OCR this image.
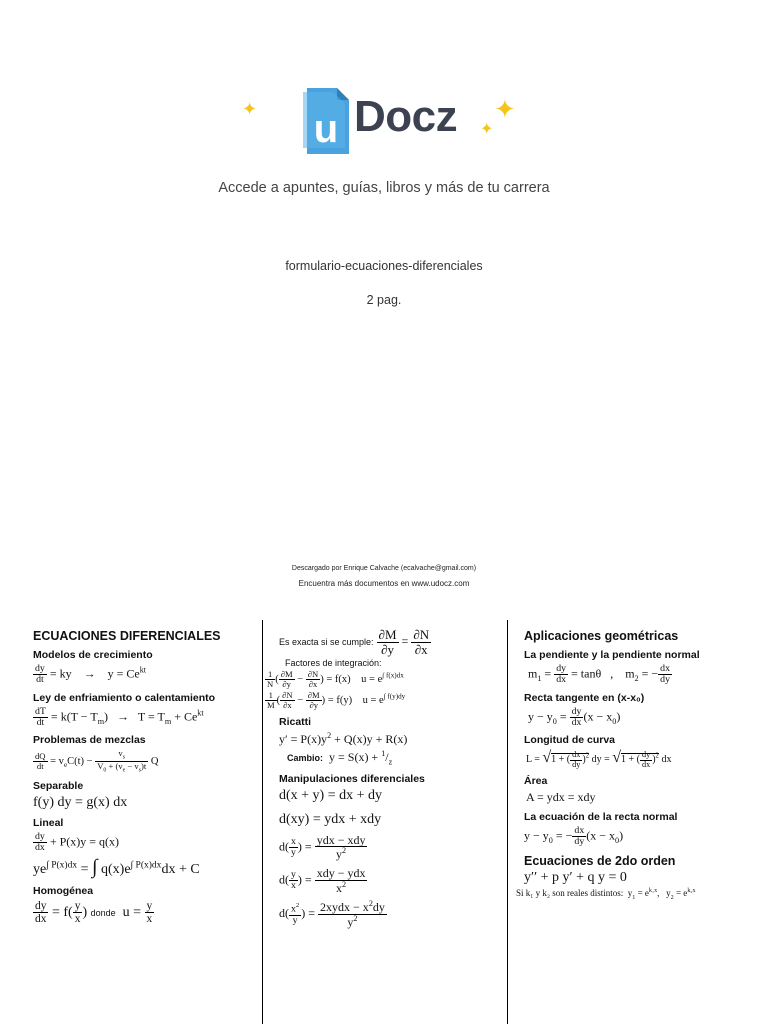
✦	✦
✦
u Docz
Accede a apuntes, guías, libros y más de tu carrera
formulario-ecuaciones-diferenciales
2 pag.
Descargado por Enrique Calvache (ecalvache@gmail.com)
Encuentra más documentos en www.udocz.com
ECUACIONES DIFERENCIALES
Modelos de crecimiento
$\frac{dy}{dt}$ = ky    →    $y = Ce^{kt}$
Ley de enfriamiento o calentamiento
$\frac{dT}{dt} = k(T - T_m) \to T = T_m + Ce^{kt}$
Problemas de mezclas
$\frac{dQ}{dt} = v_eC(t) - \frac{v_s}{V_0 + (v_e - v_s)t}$ Q
Separable
f(y) dy = g(x) dx
Lineal
$\frac{dy}{dx} + P(x)y = q(x)$
$ye^{\int P(x)dx}$ = ∫ $q(x)e^{\int P(x)dx}dx + C$
Homogénea
$\frac{dy}{dx} = f( \frac{y}{x}$ ) donde  $u = \frac{y}{x}$
Es exacta si se cumple: $\frac{\partial M}{\partial y} = \frac{\partial N}{\partial x}$
Factores de integración:
$\frac{1}{N}$ ( $\frac{\partial M}{\partial y} - \frac{\partial N}{\partial x}$ ) = f(x)    $u = e^{\int f(x)dx}$
$\frac{1}{M}$ ( $\frac{\partial N}{\partial x} - \frac{\partial M}{\partial y}$ ) = f(y)    $u = e^{\int f(y)dy}$
Ricatti
$y' = P(x)y^2 + Q(x)y + R(x)$
Cambio:  $y = S(x) + ^1/_z$
Manipulaciones diferenciales
d(x + y) = dx + dy
d(xy) = ydx + xdy
$d( \frac{x}{y}$ ) = $\frac{\text{ydx − xdy}}{y^2}$
$d( \frac{y}{x}$ ) = $\frac{\text{xdy − ydx}}{x^2}$
$d( \frac{x^2}{y}$ ) = $\frac{2xydx - x^2dy}{y^2}$
Aplicaciones geométricas
La pendiente y la pendiente normal
$m_1 = \frac{dy}{dx} = \tan\theta$   ,    $m_2$ = − $\frac{dx}{dy}$
Recta tangente en (x-x₀)
$y - y_0 = \frac{dy}{dx} (x - x_0)$
Longitud de curva
L = √1 + ( $\frac{dx}{dy} )^2$ dy = √1 + ( $\frac{dy}{dx} )^2$ dx
Área
A = ydx = xdy
La ecuación de la recta normal
$y - y_0$ = − $\frac{dx}{dy} (x - x_0)$
Ecuaciones de 2do orden
y′′ + p y′ + q y = 0
Si k₁ y k₂ son reales distintos:  $y_1 = e^{k_1x}$,   $y_2 = e^{k_2x}$
